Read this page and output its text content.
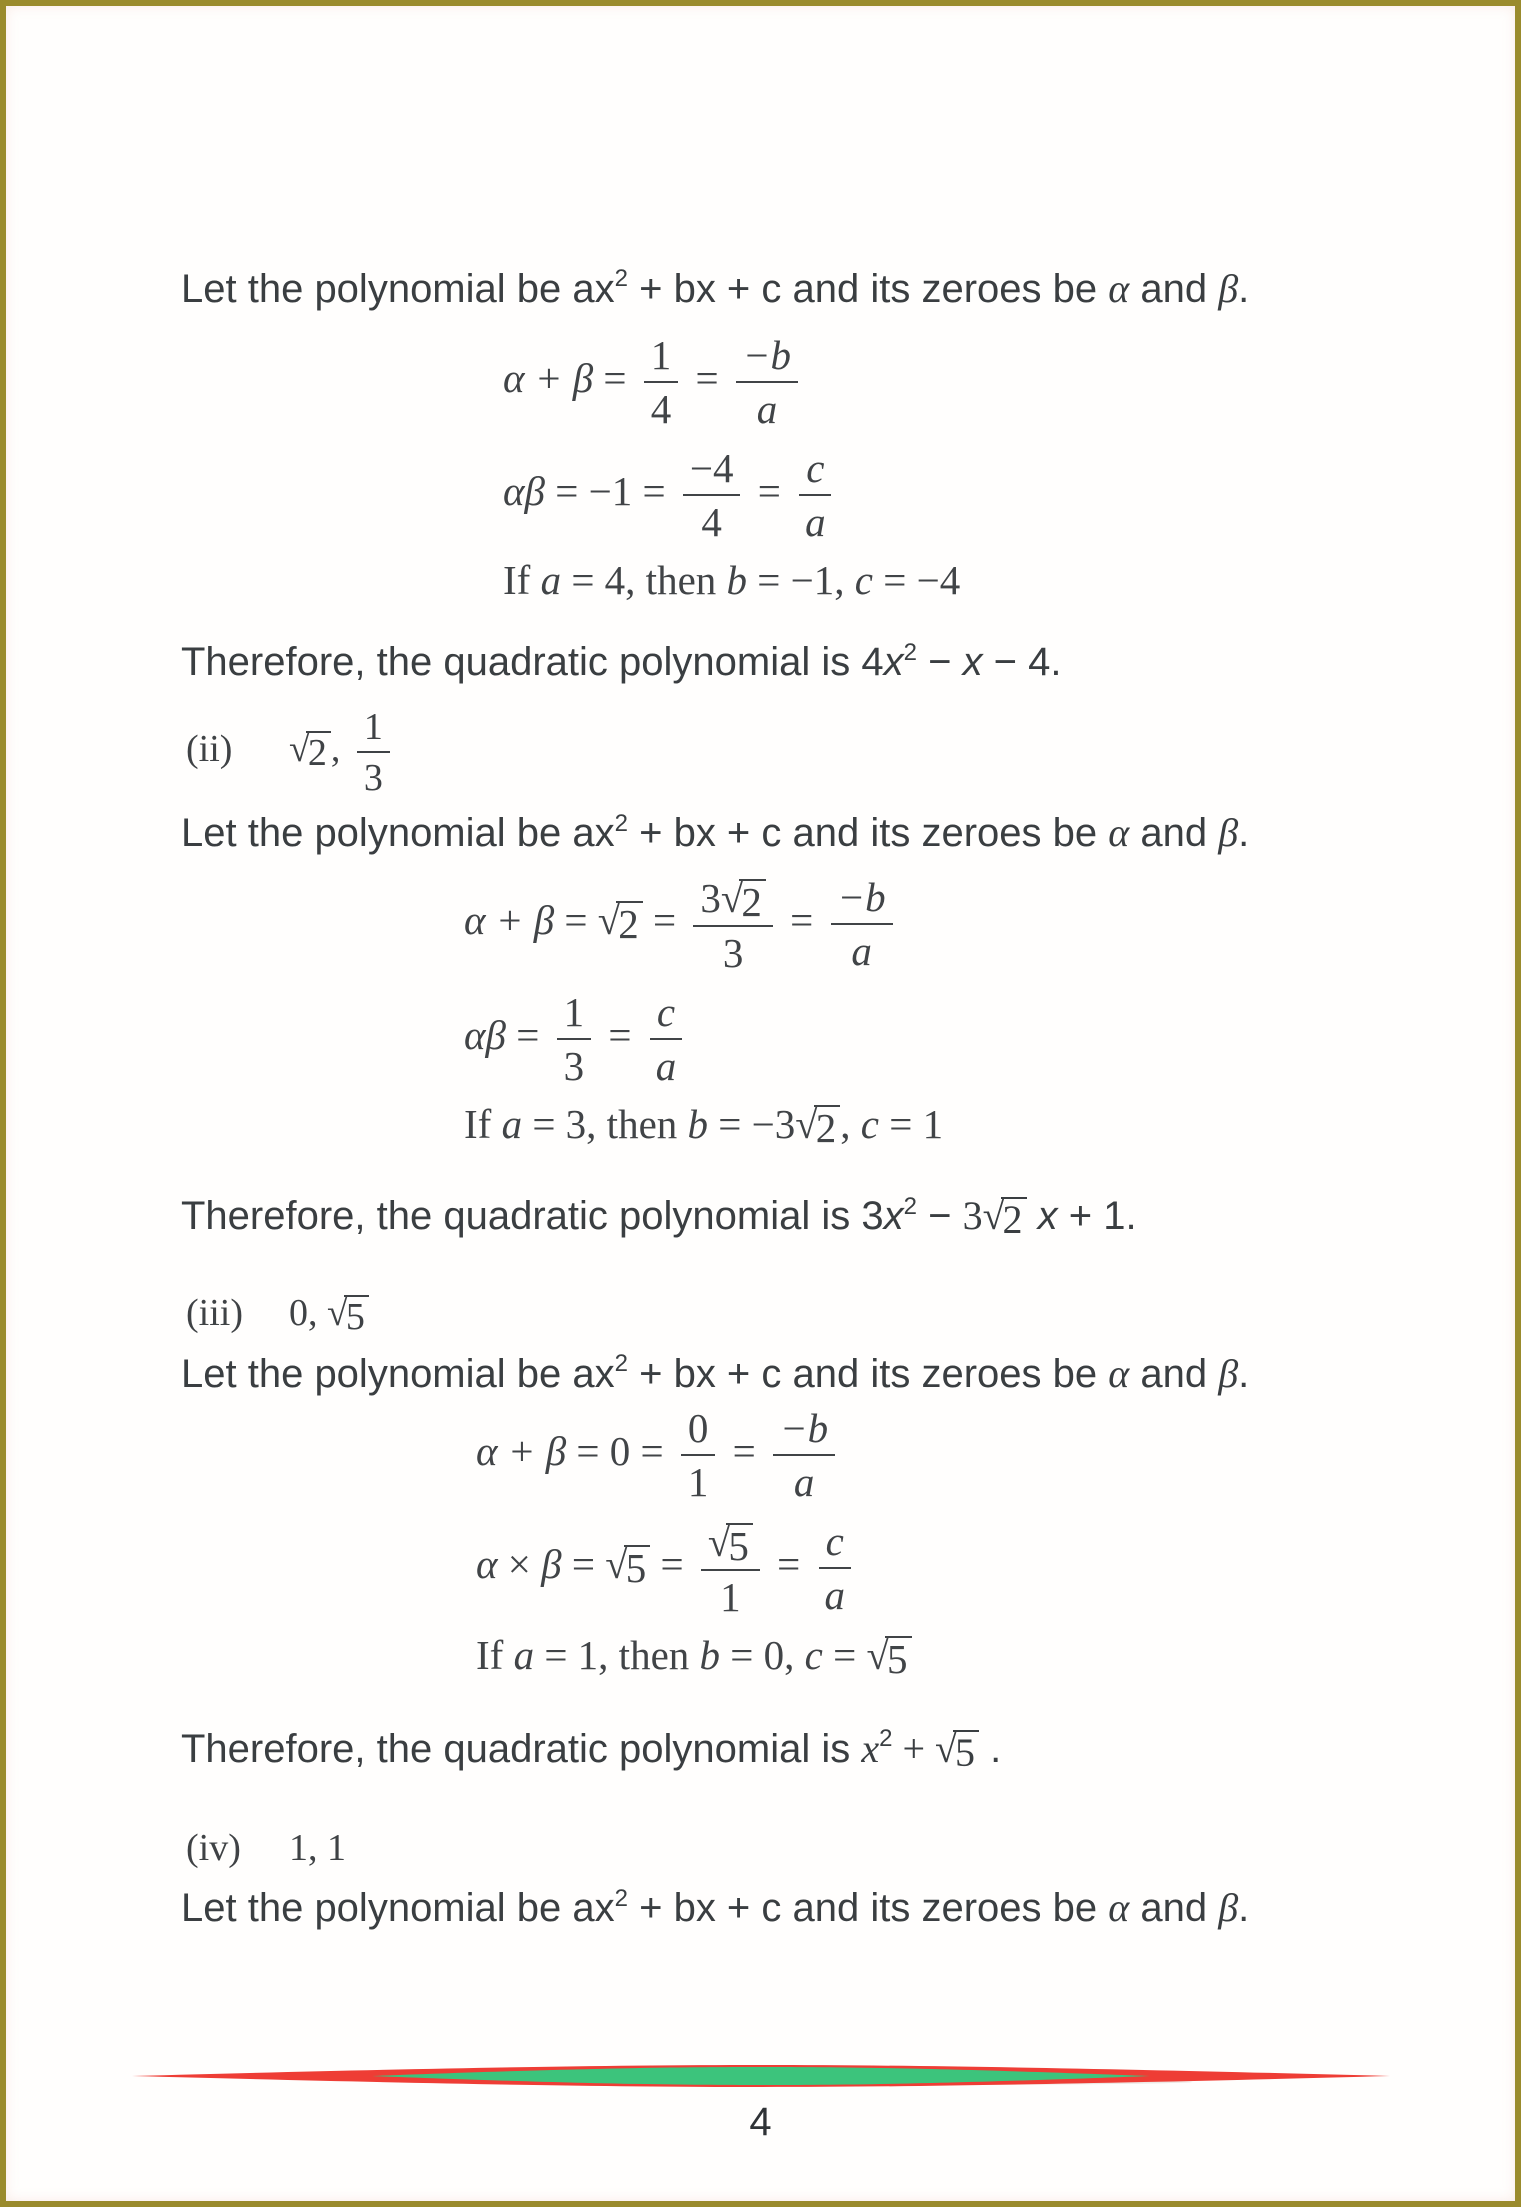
Let the polynomial be $ax^2$ + bx + c and its zeroes be α and β.

$\alpha + \beta = \frac{1}{4} = \frac{-b}{a}$
$\alpha\beta = -1 = \frac{-4}{4} = \frac{c}{a}$
If a = 4, then b = −1, c = −4

Therefore, the quadratic polynomial is $4x^2 - x - 4$.

(ii) √2 , $\frac{1}{3}$

Let the polynomial be $ax^2$ + bx + c and its zeroes be α and β.

$\alpha + \beta = √2 = \frac{3√2}{3} = \frac{-b}{a}$
$\alpha\beta = \frac{1}{3} = \frac{c}{a}$
If a = 3, then b = −3√2, c = 1

Therefore, the quadratic polynomial is $3x^2 - 3√2$ x + 1.

(iii) 0, √5

Let the polynomial be $ax^2$ + bx + c and its zeroes be α and β.

$\alpha + \beta = 0 = \frac{0}{1} = \frac{-b}{a}$
$\alpha \times \beta = √5 = \frac{√5}{1} = \frac{c}{a}$
If a = 1, then b = 0, c = √5

Therefore, the quadratic polynomial is $x^2 + √5$ .

(iv) 1, 1

Let the polynomial be $ax^2$ + bx + c and its zeroes be α and β.

4
